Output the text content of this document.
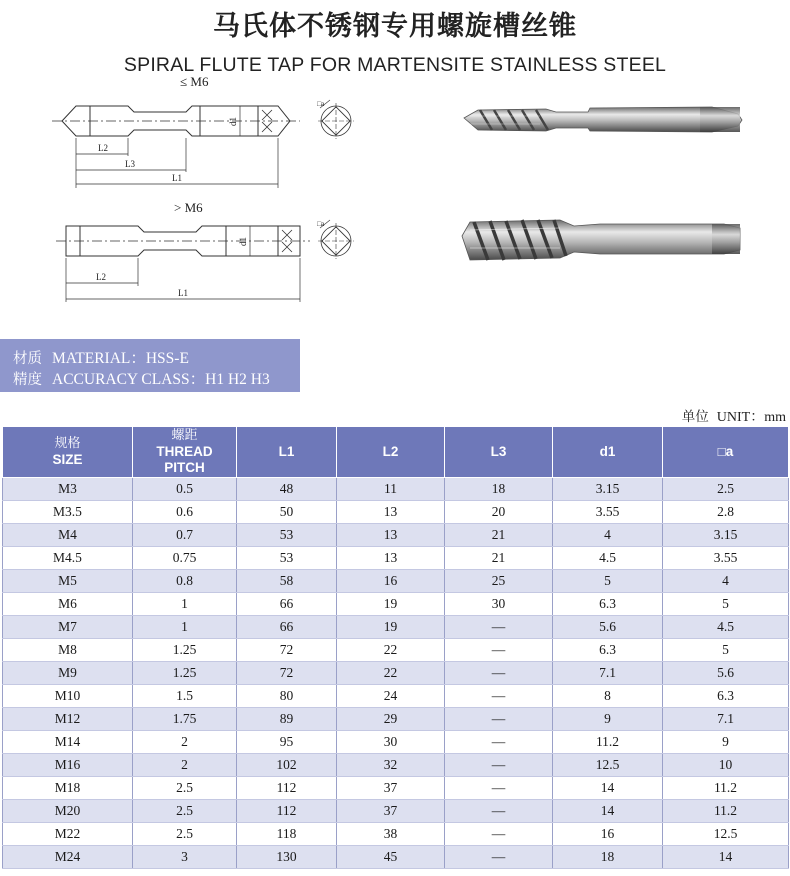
马氏体不锈钢专用螺旋槽丝锥
SPIRAL FLUTE TAP FOR MARTENSITE STAINLESS STEEL
≤ M6
d1
L2
L3
L1
□a
> M6
d1
L2
L1
□a
材质 MATERIAL：HSS-E
精度 ACCURACY CLASS：H1 H2 H3
单位 UNIT：mm
规格
SIZE	螺距
THREAD
PITCH	L1	L2	L3	d1	□a
M3	0.5	48	11	18	3.15	2.5
M3.5	0.6	50	13	20	3.55	2.8
M4	0.7	53	13	21	4	3.15
M4.5	0.75	53	13	21	4.5	3.55
M5	0.8	58	16	25	5	4
M6	1	66	19	30	6.3	5
M7	1	66	19	—	5.6	4.5
M8	1.25	72	22	—	6.3	5
M9	1.25	72	22	—	7.1	5.6
M10	1.5	80	24	—	8	6.3
M12	1.75	89	29	—	9	7.1
M14	2	95	30	—	11.2	9
M16	2	102	32	—	12.5	10
M18	2.5	112	37	—	14	11.2
M20	2.5	112	37	—	14	11.2
M22	2.5	118	38	—	16	12.5
M24	3	130	45	—	18	14
